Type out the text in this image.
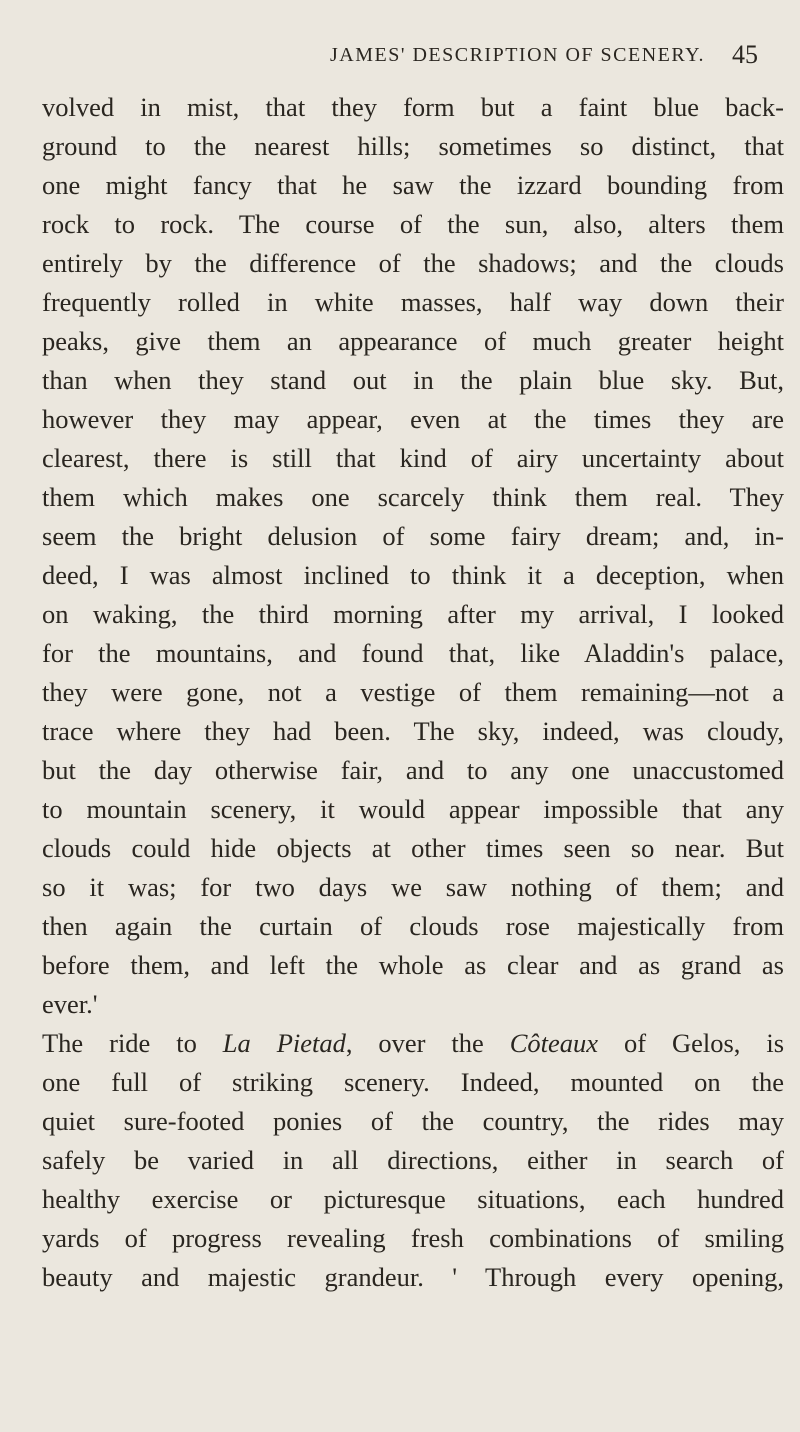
JAMES' DESCRIPTION OF SCENERY. 45
volved in mist, that they form but a faint blue back-
ground to the nearest hills; sometimes so distinct, that
one might fancy that he saw the izzard bounding from
rock to rock. The course of the sun, also, alters them
entirely by the difference of the shadows; and the clouds
frequently rolled in white masses, half way down their
peaks, give them an appearance of much greater height
than when they stand out in the plain blue sky. But,
however they may appear, even at the times they are
clearest, there is still that kind of airy uncertainty about
them which makes one scarcely think them real. They
seem the bright delusion of some fairy dream; and, in-
deed, I was almost inclined to think it a deception, when
on waking, the third morning after my arrival, I looked
for the mountains, and found that, like Aladdin's palace,
they were gone, not a vestige of them remaining—not a
trace where they had been. The sky, indeed, was cloudy,
but the day otherwise fair, and to any one unaccustomed
to mountain scenery, it would appear impossible that any
clouds could hide objects at other times seen so near. But
so it was; for two days we saw nothing of them; and
then again the curtain of clouds rose majestically from
before them, and left the whole as clear and as grand as
ever.'
The ride to La Pietad, over the Côteaux of Gelos, is
one full of striking scenery. Indeed, mounted on the
quiet sure-footed ponies of the country, the rides may
safely be varied in all directions, either in search of
healthy exercise or picturesque situations, each hundred
yards of progress revealing fresh combinations of smiling
beauty and majestic grandeur. ' Through every opening,
